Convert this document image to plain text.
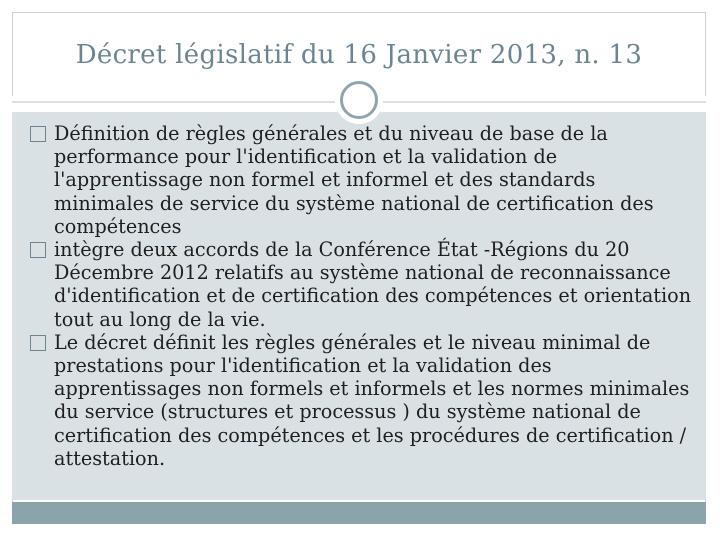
Décret législatif du 16 Janvier 2013, n. 13

Définition de règles générales et du niveau de base de la performance pour l'identification et la validation de l'apprentissage non formel et informel et des standards minimales de service du système national de certification des compétences

intègre deux accords de la Conférence État -Régions du 20 Décembre 2012 relatifs au système national de reconnaissance d'identification et de certification des compétences et orientation tout au long de la vie.

Le décret définit les règles générales et le niveau minimal de prestations pour l'identification et la validation des apprentissages non formels et informels et les normes minimales du service (structures et processus ) du système national de certification des compétences et les procédures de certification / attestation.
